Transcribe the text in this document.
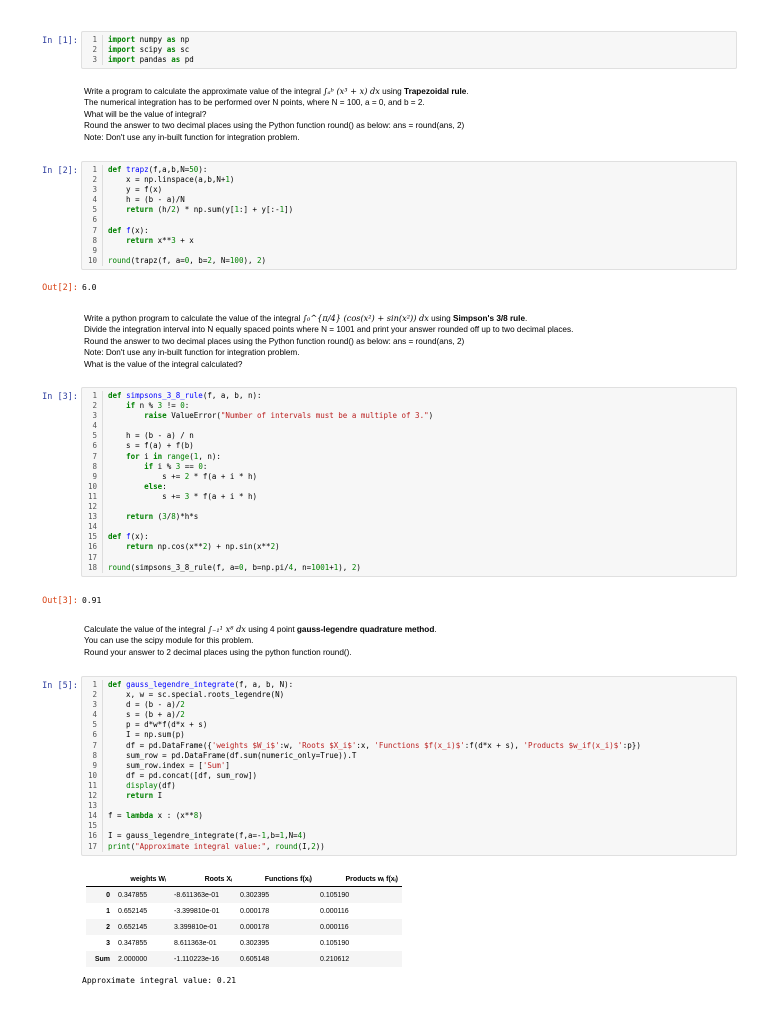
In [1]:	1	import numpy as np
2	import scipy as sc
3	import pandas as pd
Write a program to calculate the approximate value of the integral ∫ₐᵇ (x³ + x) dx using Trapezoidal rule.
The numerical integration has to be performed over N points, where N = 100, a = 0, and b = 2.
What will be the value of integral?
Round the answer to two decimal places using the Python function round() as below: ans = round(ans, 2)
Note: Don't use any in-built function for integration problem.
In [2]:	1	def trapz(f,a,b,N=50):
2	x = np.linspace(a,b,N+1)
3	y = f(x)
4	h = (b - a)/N
5	return (h/2) * np.sum(y[1:] + y[:-1])
6
7	def f(x):
8	return x**3 + x
9
10	round(trapz(f, a=0, b=2, N=100), 2)
Out[2]: 6.0
Write a python program to calculate the value of the integral ∫₀^{π/4} (cos(x²) + sin(x²)) dx using Simpson's 3/8 rule.
Divide the integration interval into N equally spaced points where N = 1001 and print your answer rounded off up to two decimal places.
Round the answer to two decimal places using the Python function round() as below: ans = round(ans, 2)
Note: Don't use any in-built function for integration problem.
What is the value of the integral calculated?
In [3]:	1	def simpsons_3_8_rule(f, a, b, n):
2	if n % 3 != 0:
3	raise ValueError("Number of intervals must be a multiple of 3.")
4
5	h = (b - a) / n
6	s = f(a) + f(b)
7	for i in range(1, n):
8	if i % 3 == 0:
9	s += 2 * f(a + i * h)
10	else:
11	s += 3 * f(a + i * h)
12
13	return (3/8)*h*s
14
15	def f(x):
16	return np.cos(x**2) + np.sin(x**2)
17
18	round(simpsons_3_8_rule(f, a=0, b=np.pi/4, n=1001+1), 2)
Out[3]: 0.91
Calculate the value of the integral ∫₋₁¹ x⁸ dx using 4 point gauss-legendre quadrature method.
You can use the scipy module for this problem.
Round your answer to 2 decimal places using the python function round().
In [5]:	1	def gauss_legendre_integrate(f, a, b, N):
2	x, w = sc.special.roots_legendre(N)
3	d = (b - a)/2
4	s = (b + a)/2
5	p = d*w*f(d*x + s)
6	I = np.sum(p)
7	df = pd.DataFrame({'weights $W_i$':w, 'Roots $X_i$':x, 'Functions $f(x_i)$':f(d*x + s), 'Products $w_if(x_i)$':p})
8	sum_row = pd.DataFrame(df.sum(numeric_only=True)).T
9	sum_row.index = ['Sum']
10	df = pd.concat([df, sum_row])
11	display(df)
12	return I
13
14	f = lambda x : (x**8)
15
16	I = gauss_legendre_integrate(f,a=-1,b=1,N=4)
17	print("Approximate integral value:", round(I,2))
	weights Wᵢ	Roots Xᵢ	Functions f(xᵢ)	Products wᵢ f(xᵢ)
0	0.347855	-8.611363e-01	0.302395	0.105190
1	0.652145	-3.399810e-01	0.000178	0.000116
2	0.652145	3.399810e-01	0.000178	0.000116
3	0.347855	8.611363e-01	0.302395	0.105190
Sum	2.000000	-1.110223e-16	0.605148	0.210612
Approximate integral value: 0.21
